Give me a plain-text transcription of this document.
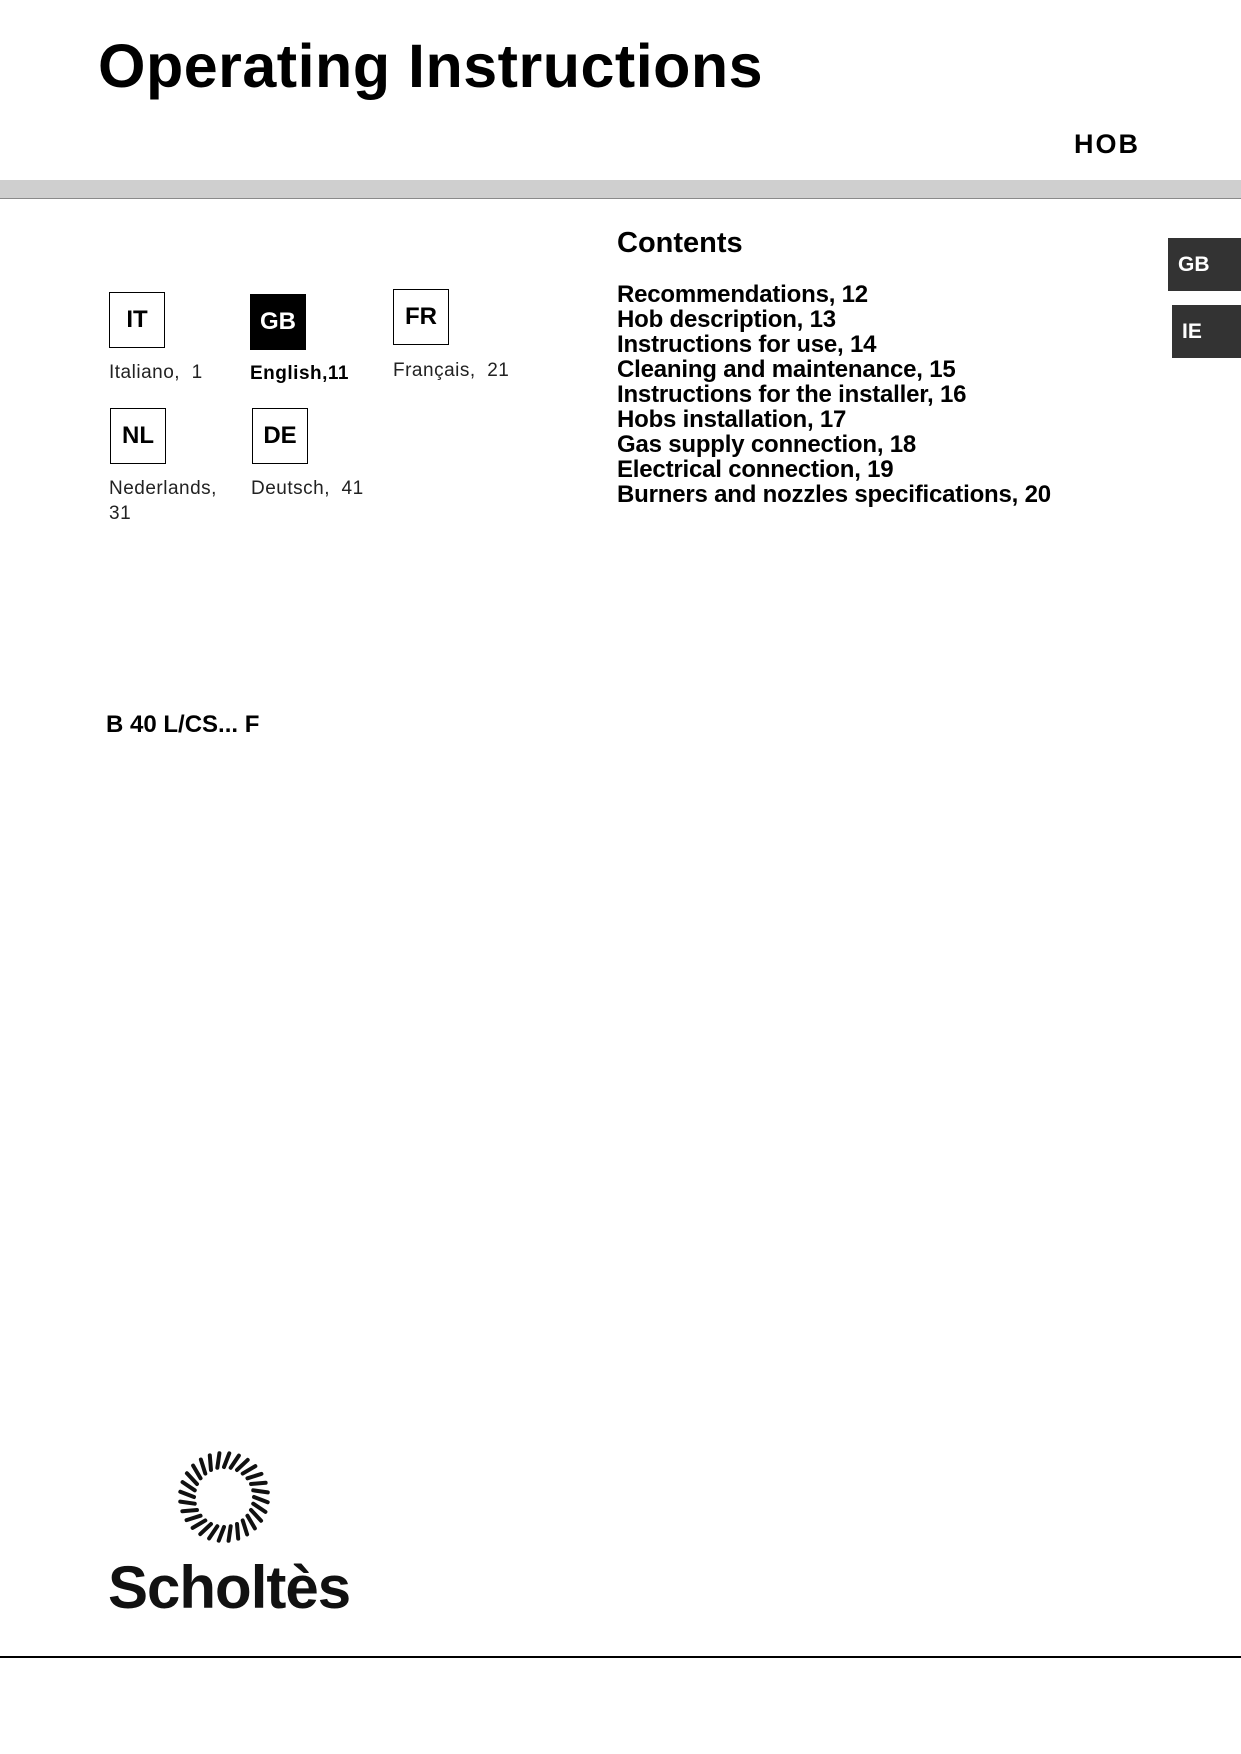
Operating Instructions
HOB
IT
Italiano,  1
GB
English,11
FR
Français,  21
NL
Nederlands,
31
DE
Deutsch,  41
Contents
Recommendations, 12
Hob description, 13
Instructions for use, 14
Cleaning and maintenance, 15
Instructions for the installer, 16
Hobs installation, 17
Gas supply connection, 18
Electrical connection, 19
Burners and nozzles specifications, 20
GB
IE
B 40 L/CS... F
Scholtès
